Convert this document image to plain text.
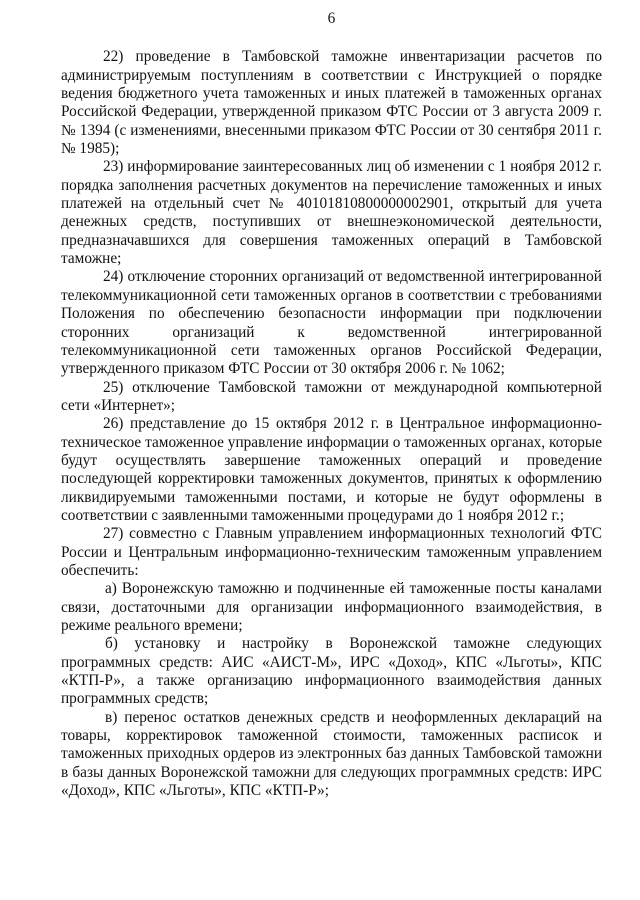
6

22) проведение в Тамбовской таможне инвентаризации расчетов по администрируемым поступлениям в соответствии с Инструкцией о порядке ведения бюджетного учета таможенных и иных платежей в таможенных органах Российской Федерации, утвержденной приказом ФТС России от 3 августа 2009 г. № 1394 (с изменениями, внесенными приказом ФТС России от 30 сентября 2011 г. № 1985);

23) информирование заинтересованных лиц об изменении с 1 ноября 2012 г. порядка заполнения расчетных документов на перечисление таможенных и иных платежей на отдельный счет № 40101810800000002901, открытый для учета денежных средств, поступивших от внешнеэкономической деятельности, предназначавшихся для совершения таможенных операций в Тамбовской таможне;

24) отключение сторонних организаций от ведомственной интегрированной телекоммуникационной сети таможенных органов в соответствии с требованиями Положения по обеспечению безопасности информации при подключении сторонних организаций к ведомственной интегрированной телекоммуникационной сети таможенных органов Российской Федерации, утвержденного приказом ФТС России от 30 октября 2006 г. № 1062;

25) отключение Тамбовской таможни от международной компьютерной сети «Интернет»;

26) представление до 15 октября 2012 г. в Центральное информационно-техническое таможенное управление информации о таможенных органах, которые будут осуществлять завершение таможенных операций и проведение последующей корректировки таможенных документов, принятых к оформлению ликвидируемыми таможенными постами, и которые не будут оформлены в соответствии с заявленными таможенными процедурами до 1 ноября 2012 г.;

27) совместно с Главным управлением информационных технологий ФТС России и Центральным информационно-техническим таможенным управлением обеспечить:

а) Воронежскую таможню и подчиненные ей таможенные посты каналами связи, достаточными для организации информационного взаимодействия, в режиме реального времени;

б) установку и настройку в Воронежской таможне следующих программных средств: АИС «АИСТ-М», ИРС «Доход», КПС «Льготы», КПС «КТП-Р», а также организацию информационного взаимодействия данных программных средств;

в) перенос остатков денежных средств и неоформленных деклараций на товары, корректировок таможенной стоимости, таможенных расписок и таможенных приходных ордеров из электронных баз данных Тамбовской таможни в базы данных Воронежской таможни для следующих программных средств: ИРС «Доход», КПС «Льготы», КПС «КТП-Р»;
